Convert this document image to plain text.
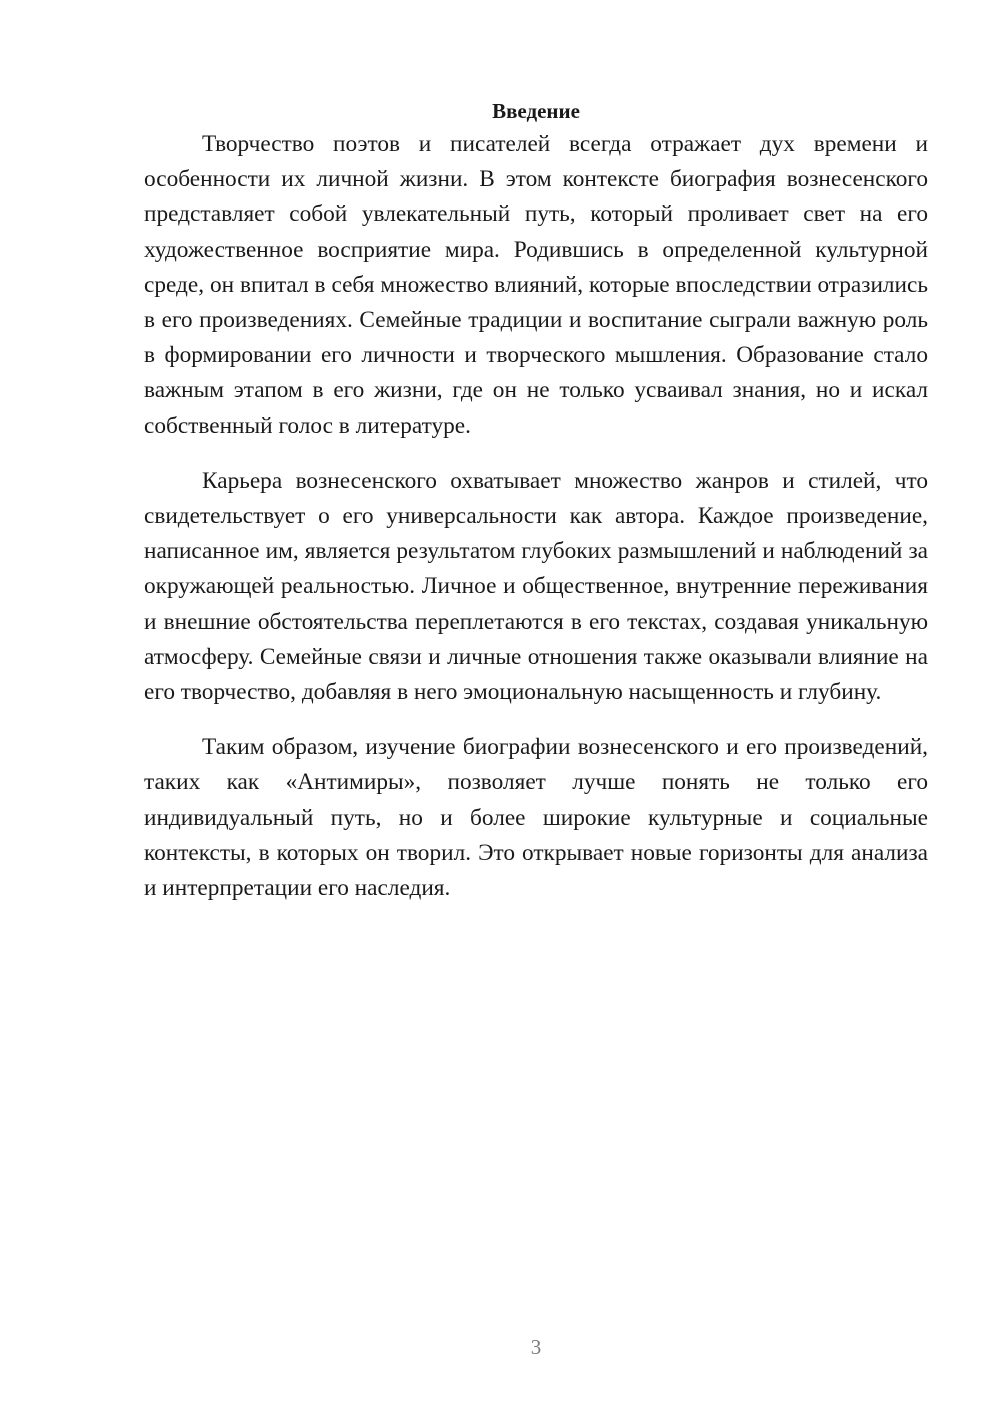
Введение

Творчество поэтов и писателей всегда отражает дух времени и особенности их личной жизни. В этом контексте биография вознесенского представляет собой увлекательный путь, который проливает свет на его художественное восприятие мира. Родившись в определенной культурной среде, он впитал в себя множество влияний, которые впоследствии отразились в его произведениях. Семейные традиции и воспитание сыграли важную роль в формировании его личности и творческого мышления. Образование стало важным этапом в его жизни, где он не только усваивал знания, но и искал собственный голос в литературе.

Карьера вознесенского охватывает множество жанров и стилей, что свидетельствует о его универсальности как автора. Каждое произведение, написанное им, является результатом глубоких размышлений и наблюдений за окружающей реальностью. Личное и общественное, внутренние переживания и внешние обстоятельства переплетаются в его текстах, создавая уникальную атмосферу. Семейные связи и личные отношения также оказывали влияние на его творчество, добавляя в него эмоциональную насыщенность и глубину.

Таким образом, изучение биографии вознесенского и его произведений, таких как «Антимиры», позволяет лучше понять не только его индивидуальный путь, но и более широкие культурные и социальные контексты, в которых он творил. Это открывает новые горизонты для анализа и интерпретации его наследия.

3
